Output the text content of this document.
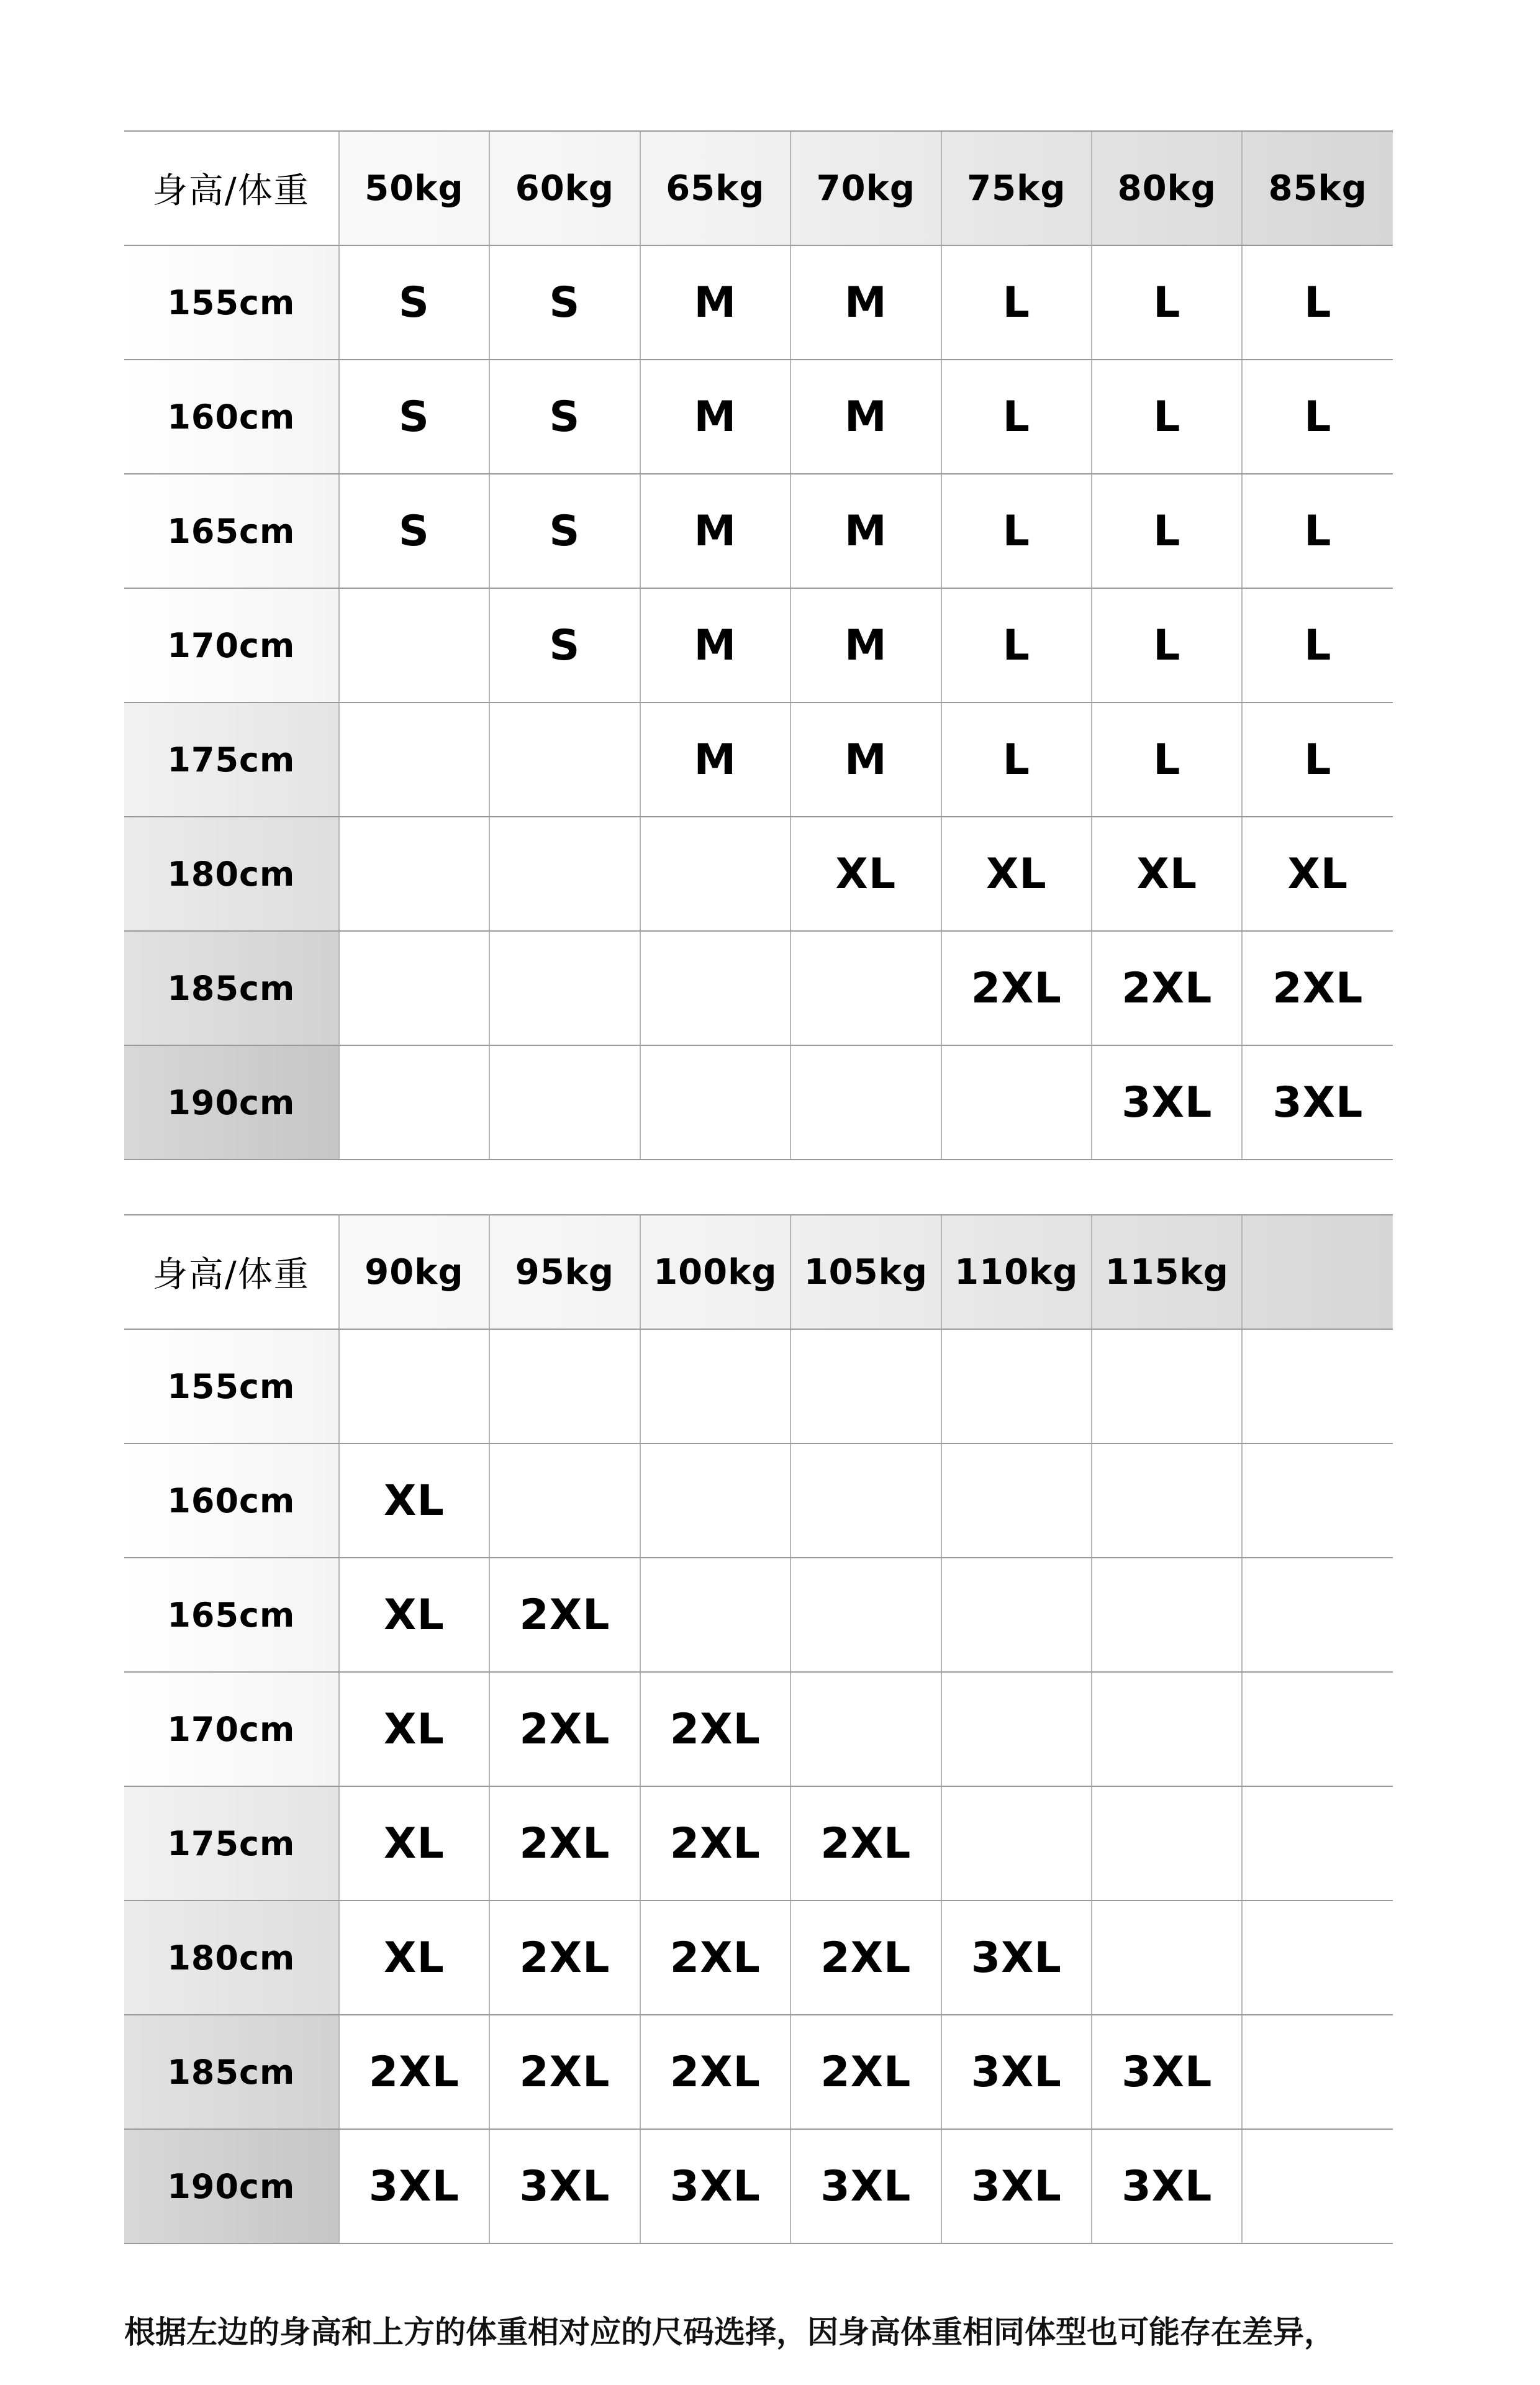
身高/体重	50kg	60kg	65kg	70kg	75kg	80kg	85kg
155cm	S	S	M	M	L	L	L
160cm	S	S	M	M	L	L	L
165cm	S	S	M	M	L	L	L
170cm		S	M	M	L	L	L
175cm			M	M	L	L	L
180cm				XL	XL	XL	XL
185cm					2XL	2XL	2XL
190cm						3XL	3XL
身高/体重	90kg	95kg	100kg	105kg	110kg	115kg	
155cm							
160cm	XL						
165cm	XL	2XL					
170cm	XL	2XL	2XL				
175cm	XL	2XL	2XL	2XL			
180cm	XL	2XL	2XL	2XL	3XL		
185cm	2XL	2XL	2XL	2XL	3XL	3XL	
190cm	3XL	3XL	3XL	3XL	3XL	3XL	

根据左边的身高和上方的体重相对应的尺码选择，因身高体重相同体型也可能存在差异，
